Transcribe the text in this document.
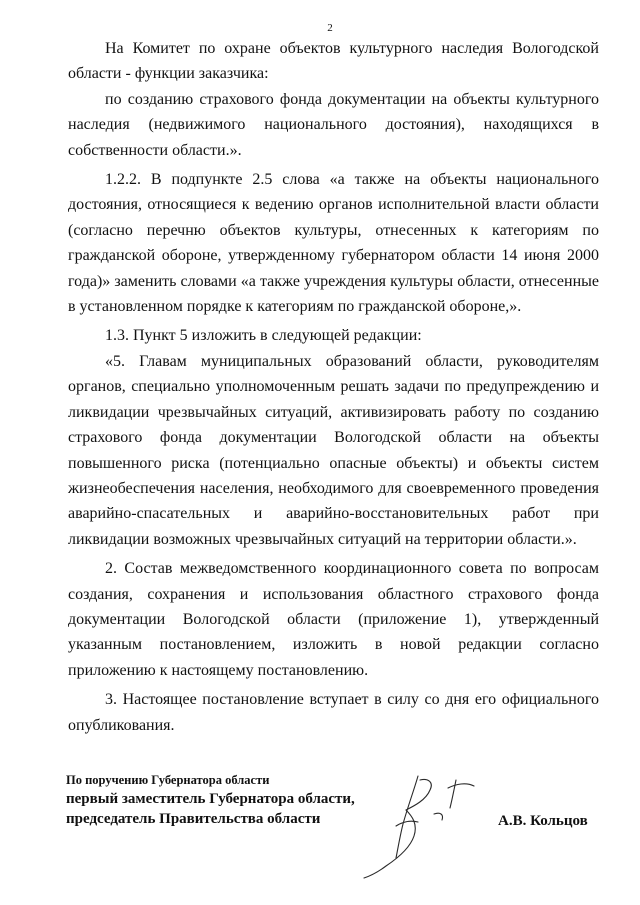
2

На Комитет по охране объектов культурного наследия Вологодской области - функции заказчика:

по созданию страхового фонда документации на объекты культурного наследия (недвижимого национального достояния), находящихся в собственности области.».

1.2.2. В подпункте 2.5 слова «а также на объекты национального достояния, относящиеся к ведению органов исполнительной власти области (согласно перечню объектов культуры, отнесенных к категориям по гражданской обороне, утвержденному губернатором области 14 июня 2000 года)» заменить словами «а также учреждения культуры области, отнесенные в установленном порядке к категориям по гражданской обороне,».

1.3. Пункт 5 изложить в следующей редакции:

«5. Главам муниципальных образований области, руководителям органов, специально уполномоченным решать задачи по предупреждению и ликвидации чрезвычайных ситуаций, активизировать работу по созданию страхового фонда документации Вологодской области на объекты повышенного риска (потенциально опасные объекты) и объекты систем жизнеобеспечения населения, необходимого для своевременного проведения аварийно-спасательных и аварийно-восстановительных работ при ликвидации возможных чрезвычайных ситуаций на территории области.».

2. Состав межведомственного координационного совета по вопросам создания, сохранения и использования областного страхового фонда документации Вологодской области (приложение 1), утвержденный указанным постановлением, изложить в новой редакции согласно приложению к настоящему постановлению.

3. Настоящее постановление вступает в силу со дня его официального опубликования.

По поручению Губернатора области
первый заместитель Губернатора области,
председатель Правительства области	А.В. Кольцов
